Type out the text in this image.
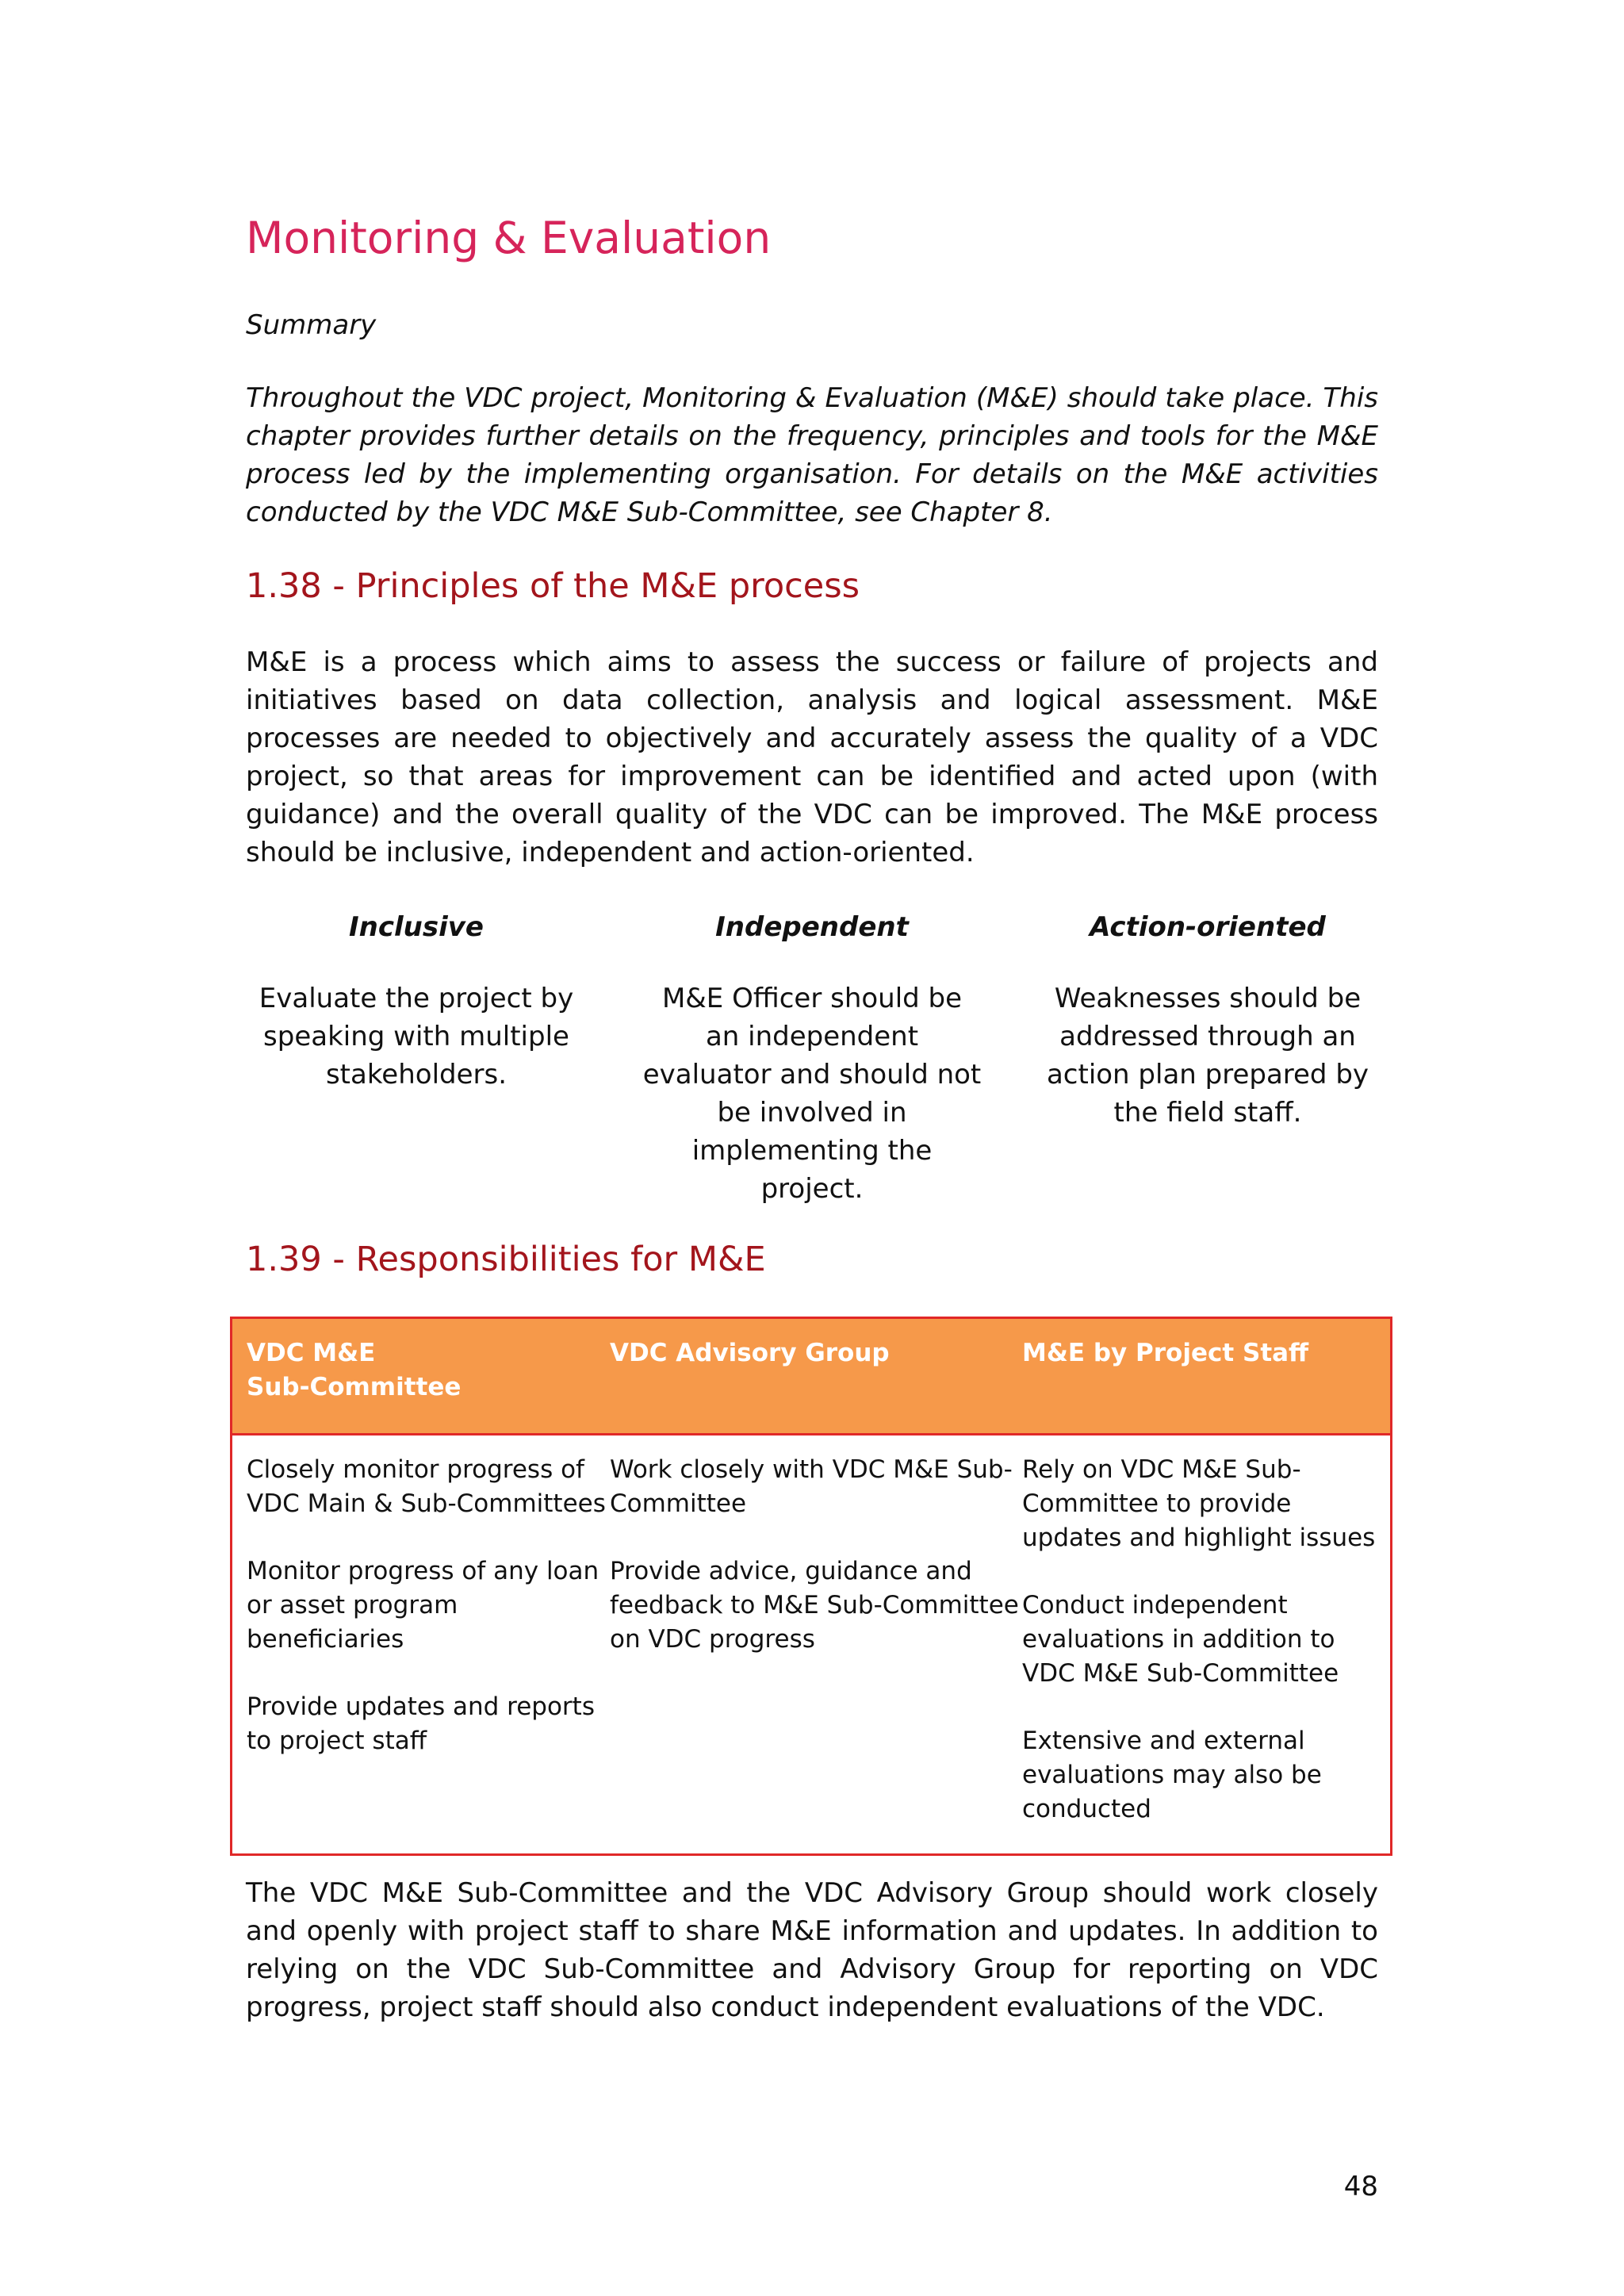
Monitoring & Evaluation
Summary

Throughout the VDC project, Monitoring & Evaluation (M&E) should take place. This chapter provides further details on the frequency, principles and tools for the M&E process led by the implementing organisation. For details on the M&E activities conducted by the VDC M&E Sub-Committee, see Chapter 8.

1.38 - Principles of the M&E process

M&E is a process which aims to assess the success or failure of projects and initiatives based on data collection, analysis and logical assessment. M&E processes are needed to objectively and accurately assess the quality of a VDC project, so that areas for improvement can be identified and acted upon (with guidance) and the overall quality of the VDC can be improved. The M&E process should be inclusive, independent and action-oriented.

Inclusive
Evaluate the project by speaking with multiple stakeholders.
Independent
M&E Officer should be an independent evaluator and should not be involved in implementing the project.
Action-oriented
Weaknesses should be addressed through an action plan prepared by the field staff.
1.39 - Responsibilities for M&E
VDC M&E
Sub-Committee
VDC Advisory Group	M&E by Project Staff
Closely monitor progress of VDC Main & Sub-Committees
Monitor progress of any loan or asset program beneficiaries
Provide updates and reports to project staff
Work closely with VDC M&E Sub-Committee
Provide advice, guidance and feedback to M&E Sub-Committee on VDC progress
Rely on VDC M&E Sub-Committee to provide updates and highlight issues
Conduct independent evaluations in addition to VDC M&E Sub-Committee
Extensive and external evaluations may also be conducted

The VDC M&E Sub-Committee and the VDC Advisory Group should work closely and openly with project staff to share M&E information and updates. In addition to relying on the VDC Sub-Committee and Advisory Group for reporting on VDC progress, project staff should also conduct independent evaluations of the VDC.

48
